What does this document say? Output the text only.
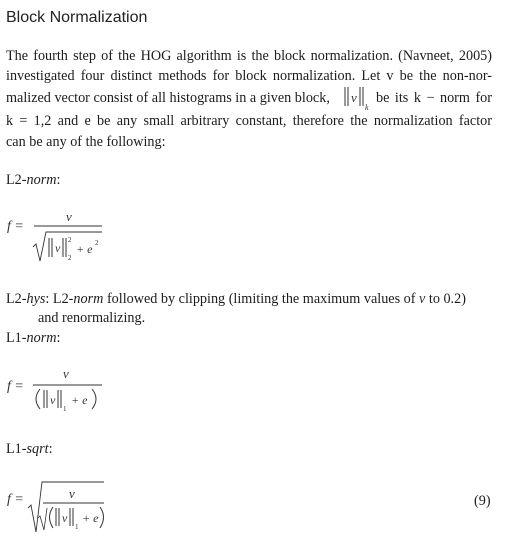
Block Normalization
The fourth step of the HOG algorithm is the block normalization. (Navneet, 2005)
investigated four distinct methods for block normalization. Let v be the non-nor-
malized vector consist of all histograms in a given block, v
k
be its k − norm for
k = 1,2 and e be any small arbitrary constant, therefore the normalization factor
can be any of the following:
L2-norm:
f =
v
v
2
2
+ e 2
L2-hys: L2-norm followed by clipping (limiting the maximum values of v to 0.2)
and renormalizing.
L1-norm:
f =
v
v
1
+ e
L1-sqrt:
f =	v
v
1
+ e
(9)
